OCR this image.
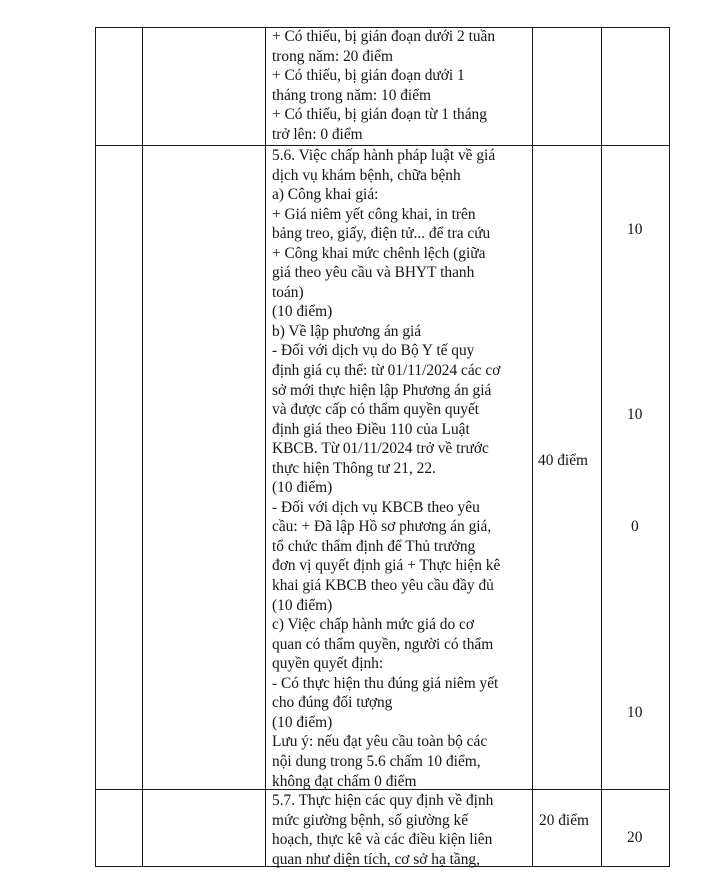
+ Có thiếu, bị gián đoạn dưới 2 tuần
trong năm: 20 điểm
+ Có thiếu, bị gián đoạn dưới 1
tháng trong năm: 10 điểm
+ Có thiếu, bị gián đoạn từ 1 tháng
trở lên: 0 điểm
5.6. Việc chấp hành pháp luật về giá
dịch vụ khám bệnh, chữa bệnh
a) Công khai giá:
+ Giá niêm yết công khai, in trên
bảng treo, giấy, điện tử... để tra cứu
+ Công khai mức chênh lệch (giữa
giá theo yêu cầu và BHYT thanh
toán)
(10 điểm)
b) Về lập phương án giá
- Đối với dịch vụ do Bộ Y tế quy
định giá cụ thể: từ 01/11/2024 các cơ
sở mới thực hiện lập Phương án giá
và được cấp có thẩm quyền quyết
định giá theo Điều 110 của Luật
KBCB. Từ 01/11/2024 trở về trước
thực hiện Thông tư 21, 22.
(10 điểm)
- Đối với dịch vụ KBCB theo yêu
cầu: + Đã lập Hồ sơ phương án giá,
tổ chức thẩm định để Thủ trưởng
đơn vị quyết định giá + Thực hiện kê
khai giá KBCB theo yêu cầu đầy đủ
(10 điểm)
c) Việc chấp hành mức giá do cơ
quan có thẩm quyền, người có thẩm
quyền quyết định:
- Có thực hiện thu đúng giá niêm yết
cho đúng đối tượng
(10 điểm)
Lưu ý: nếu đạt yêu cầu toàn bộ các
nội dung trong 5.6 chấm 10 điểm,
không đạt chấm 0 điểm
40 điểm
10
10
0
10
5.7. Thực hiện các quy định về định
mức giường bệnh, số giường kế
hoạch, thực kê và các điều kiện liên
quan như diện tích, cơ sở hạ tầng,
20 điểm
20
